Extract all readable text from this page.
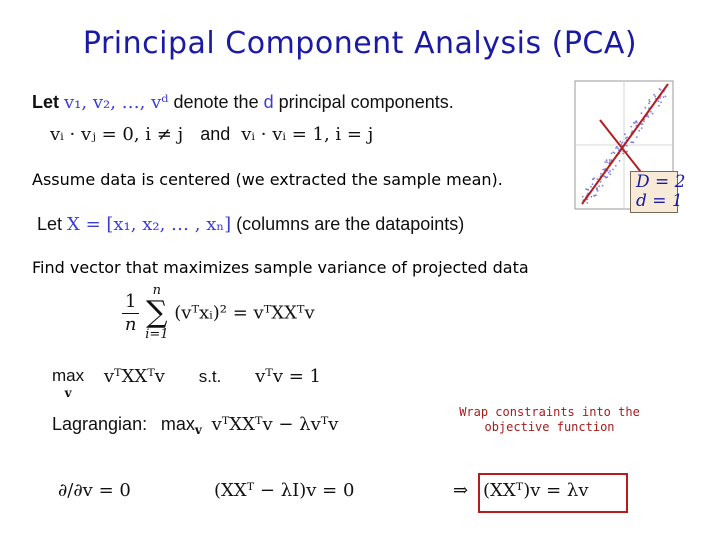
Principal Component Analysis (PCA)
Let v₁, v₂, …, vᵈ denote the d principal components.
vᵢ · vⱼ = 0, i ≠ j and vᵢ · vᵢ = 1, i = j
Assume data is centered (we extracted the sample mean).
Let X = [x₁, x₂, … , xₙ] (columns are the datapoints)
Find vector that maximizes sample variance of projected data
$\frac{1}{n}$
	n
∑
i=1
(vᵀxᵢ)² = vᵀXXᵀv
max
v
vᵀXXᵀv s.t. vᵀv = 1
Lagrangian: $\max_v$ vᵀXXᵀv − λvᵀv
Wrap constraints into the objective function
∂/∂v = 0	(XXᵀ − λI)v = 0	⇒ (XXᵀ)v = λv
D = 2
d = 1
